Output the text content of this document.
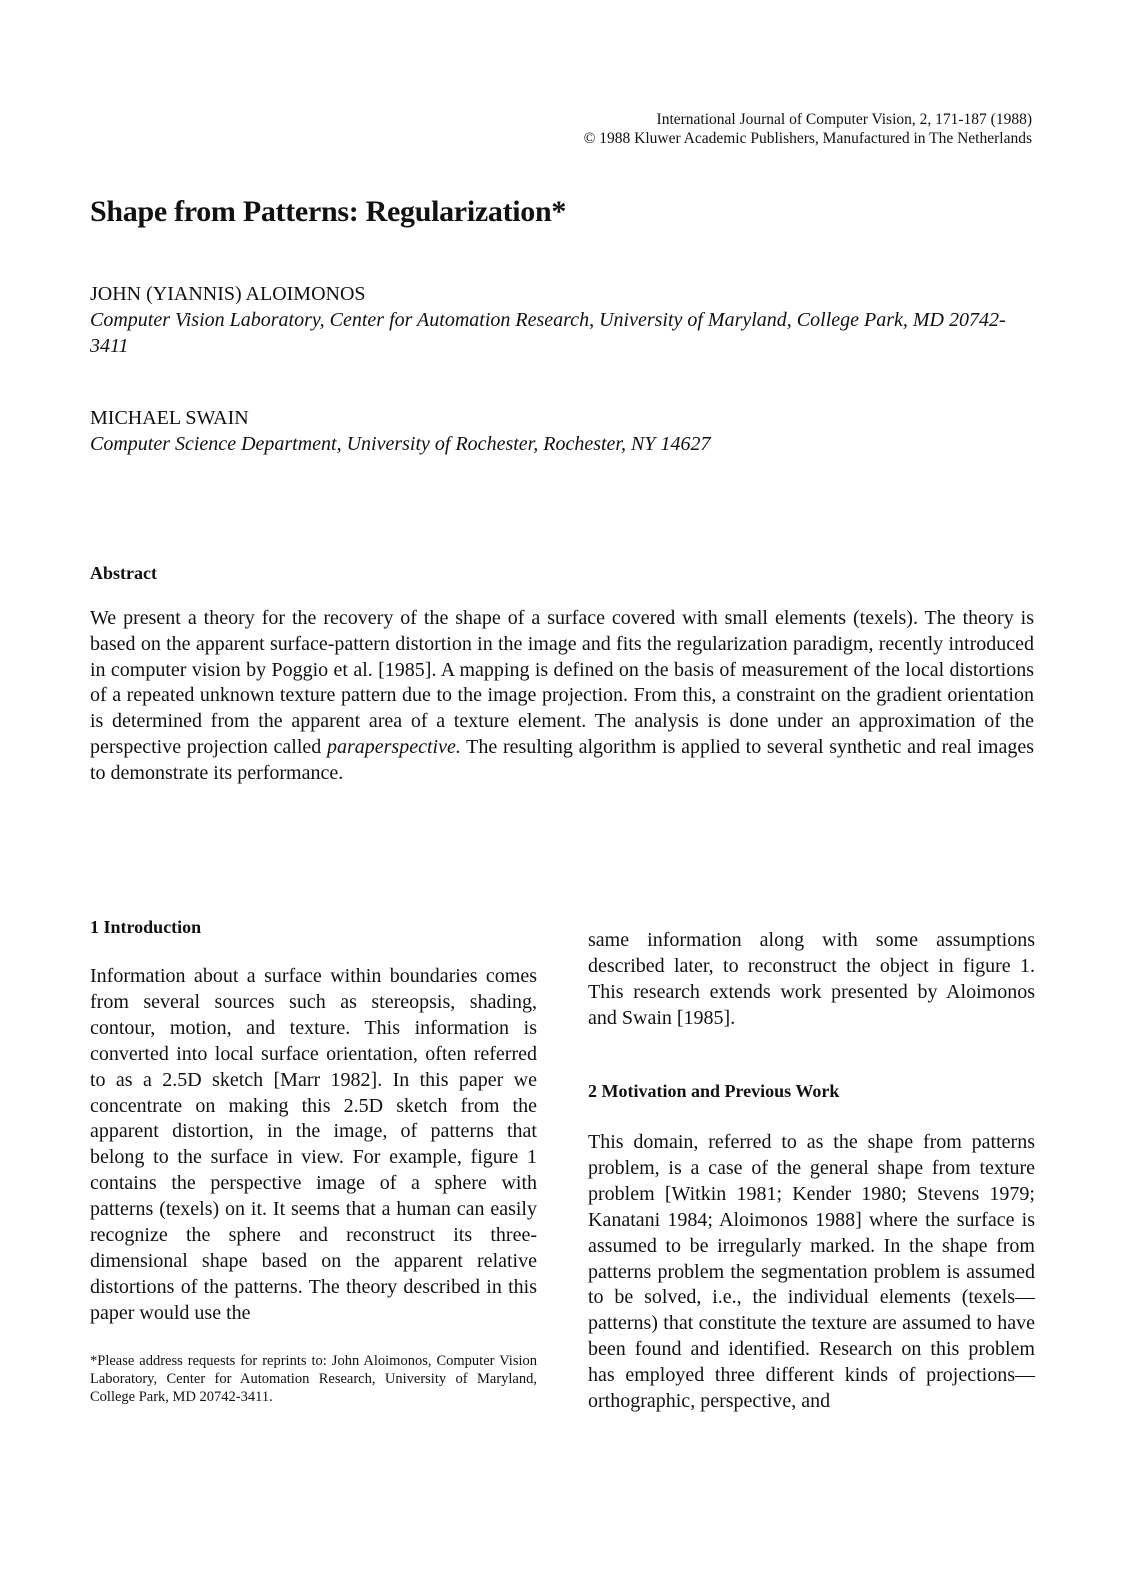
International Journal of Computer Vision, 2, 171-187 (1988)
© 1988 Kluwer Academic Publishers, Manufactured in The Netherlands
Shape from Patterns: Regularization*
JOHN (YIANNIS) ALOIMONOS
Computer Vision Laboratory, Center for Automation Research, University of Maryland, College Park, MD 20742-3411
MICHAEL SWAIN
Computer Science Department, University of Rochester, Rochester, NY 14627
Abstract

We present a theory for the recovery of the shape of a surface covered with small elements (texels). The theory is based on the apparent surface-pattern distortion in the image and fits the regularization paradigm, recently introduced in computer vision by Poggio et al. [1985]. A mapping is defined on the basis of measurement of the local distortions of a repeated unknown texture pattern due to the image projection. From this, a constraint on the gradient orientation is determined from the apparent area of a texture element. The analysis is done under an approximation of the perspective projection called paraperspective. The resulting algorithm is applied to several synthetic and real images to demonstrate its performance.

1 Introduction

Information about a surface within boundaries comes from several sources such as stereopsis, shading, contour, motion, and texture. This information is converted into local surface orientation, often referred to as a 2.5D sketch [Marr 1982]. In this paper we concentrate on making this 2.5D sketch from the apparent distortion, in the image, of patterns that belong to the surface in view. For example, figure 1 contains the perspective image of a sphere with patterns (texels) on it. It seems that a human can easily recognize the sphere and reconstruct its three-dimensional shape based on the apparent relative distortions of the patterns. The theory described in this paper would use the

*Please address requests for reprints to: John Aloimonos, Computer Vision Laboratory, Center for Automation Research, University of Maryland, College Park, MD 20742-3411.

same information along with some assumptions described later, to reconstruct the object in figure 1. This research extends work presented by Aloimonos and Swain [1985].

2 Motivation and Previous Work

This domain, referred to as the shape from patterns problem, is a case of the general shape from texture problem [Witkin 1981; Kender 1980; Stevens 1979; Kanatani 1984; Aloimonos 1988] where the surface is assumed to be irregularly marked. In the shape from patterns problem the segmentation problem is assumed to be solved, i.e., the individual elements (texels—patterns) that constitute the texture are assumed to have been found and identified. Research on this problem has employed three different kinds of projections—orthographic, perspective, and
